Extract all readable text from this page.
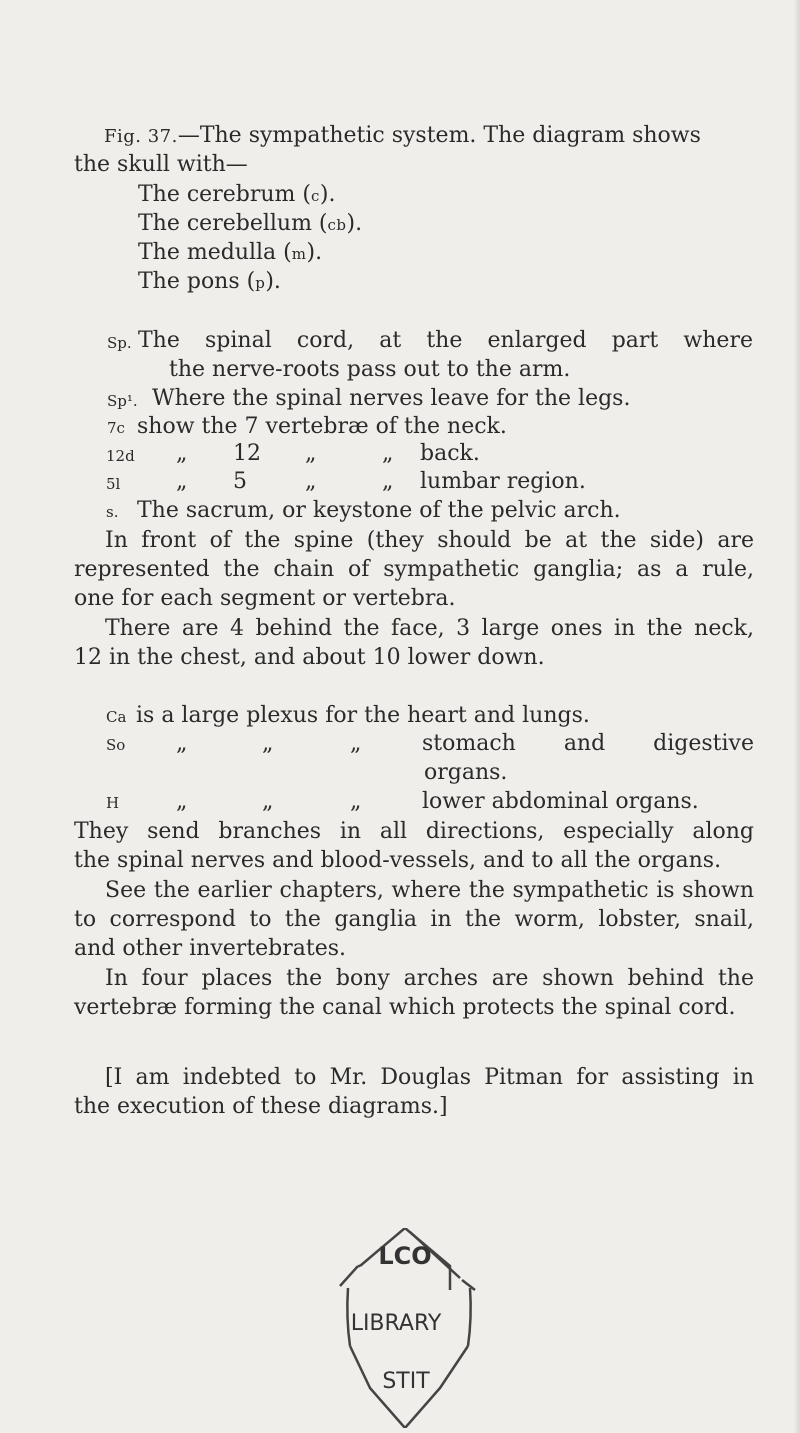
Fig. 37.—The sympathetic system. The diagram shows
the skull with—
The cerebrum (c).
The cerebellum (cb).
The medulla (m).
The pons (p).
Sp. The spinal cord, at the enlarged part where
the nerve-roots pass out to the arm.
Sp¹. Where the spinal nerves leave for the legs.
7c show the 7 vertebræ of the neck.
12d „ 12 „	„ back.
5l	„ 5	„	„ lumbar region.
s. The sacrum, or keystone of the pelvic arch.
In front of the spine (they should be at the side) are
represented the chain of sympathetic ganglia; as a rule,
one for each segment or vertebra.
There are 4 behind the face, 3 large ones in the neck,
12 in the chest, and about 10 lower down.
Ca is a large plexus for the heart and lungs.
So „	„	„	stomach and digestive
organs.
H	„	„	„	lower abdominal organs.
They send branches in all directions, especially along
the spinal nerves and blood-vessels, and to all the organs.
See the earlier chapters, where the sympathetic is shown
to correspond to the ganglia in the worm, lobster, snail,
and other invertebrates.
In four places the bony arches are shown behind the
vertebræ forming the canal which protects the spinal cord.
[I am indebted to Mr. Douglas Pitman for assisting in
the execution of these diagrams.]
LCO
LIBRARY
STIT
